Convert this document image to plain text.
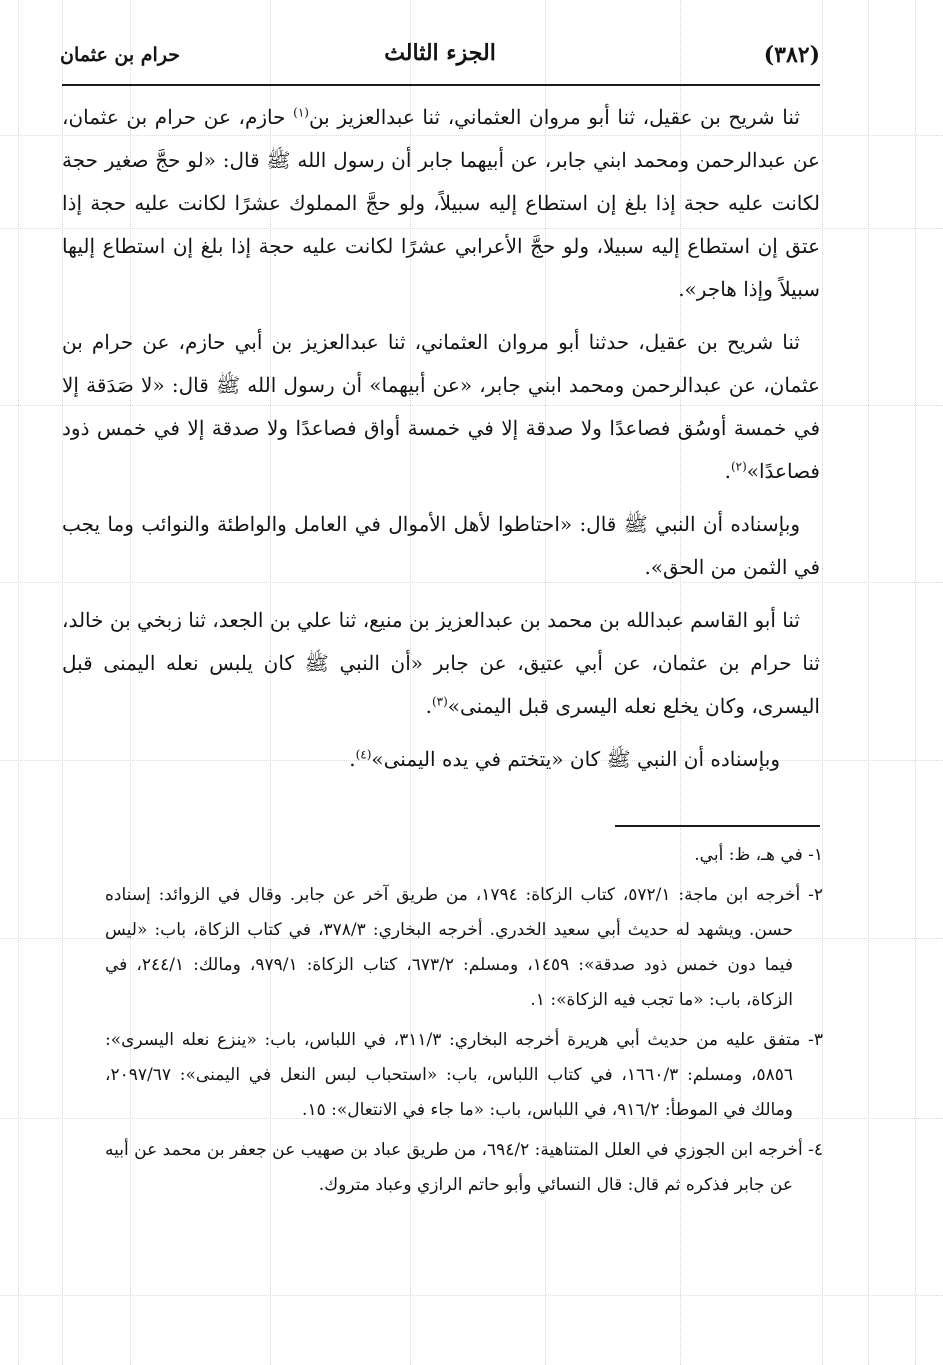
(٣٨٢)
الجزء الثالث
حرام بن عثمان

ثنا شريح بن عقيل، ثنا أبو مروان العثماني، ثنا عبدالعزيز بن$^{(١)}$ حازم، عن حرام بن عثمان، عن عبدالرحمن ومحمد ابني جابر، عن أبيهما جابر أن رسول الله ﷺ قال: «لو حجَّ صغير حجة لكانت عليه حجة إذا بلغ إن استطاع إليه سبيلاً، ولو حجَّ المملوك عشرًا لكانت عليه حجة إذا عتق إن استطاع إليه سبيلا، ولو حجَّ الأعرابي عشرًا لكانت عليه حجة إذا بلغ إن استطاع إليها سبيلاً وإذا هاجر».

ثنا شريح بن عقيل، حدثنا أبو مروان العثماني، ثنا عبدالعزيز بن أبي حازم، عن حرام بن عثمان، عن عبدالرحمن ومحمد ابني جابر، «عن أبيهما» أن رسول الله ﷺ قال: «لا صَدَقة إلا في خمسة أوسُق فصاعدًا ولا صدقة إلا في خمسة أواق فصاعدًا ولا صدقة إلا في خمس ذود فصاعدًا»$^{(٢)}$.

وبإسناده أن النبي ﷺ قال: «احتاطوا لأهل الأموال في العامل والواطئة والنوائب وما يجب في الثمن من الحق».

ثنا أبو القاسم عبدالله بن محمد بن عبدالعزيز بن منيع، ثنا علي بن الجعد، ثنا زبخي بن خالد، ثنا حرام بن عثمان، عن أبي عتيق، عن جابر «أن النبي ﷺ كان يلبس نعله اليمنى قبل اليسرى، وكان يخلع نعله اليسرى قبل اليمنى»$^{(٣)}$.

وبإسناده أن النبي ﷺ كان «يتختم في يده اليمنى»$^{(٤)}$.

١- في هـ، ظ: أبي.

٢- أخرجه ابن ماجة: ٥٧٢/١، كتاب الزكاة: ١٧٩٤، من طريق آخر عن جابر. وقال في الزوائد: إسناده حسن. ويشهد له حديث أبي سعيد الخدري. أخرجه البخاري: ٣٧٨/٣، في كتاب الزكاة، باب: «ليس فيما دون خمس ذود صدقة»: ١٤٥٩، ومسلم: ٦٧٣/٢، كتاب الزكاة: ٩٧٩/١، ومالك: ٢٤٤/١، في الزكاة، باب: «ما تجب فيه الزكاة»: ١.

٣- متفق عليه من حديث أبي هريرة أخرجه البخاري: ٣١١/٣، في اللباس، باب: «ينزع نعله اليسرى»: ٥٨٥٦، ومسلم: ١٦٦٠/٣، في كتاب اللباس، باب: «استحباب لبس النعل في اليمنى»: ٢٠٩٧/٦٧، ومالك في الموطأ: ٩١٦/٢، في اللباس، باب: «ما جاء في الانتعال»: ١٥.

٤- أخرجه ابن الجوزي في العلل المتناهية: ٦٩٤/٢، من طريق عباد بن صهيب عن جعفر بن محمد عن أبيه عن جابر فذكره ثم قال: قال النسائي وأبو حاتم الرازي وعباد متروك.
